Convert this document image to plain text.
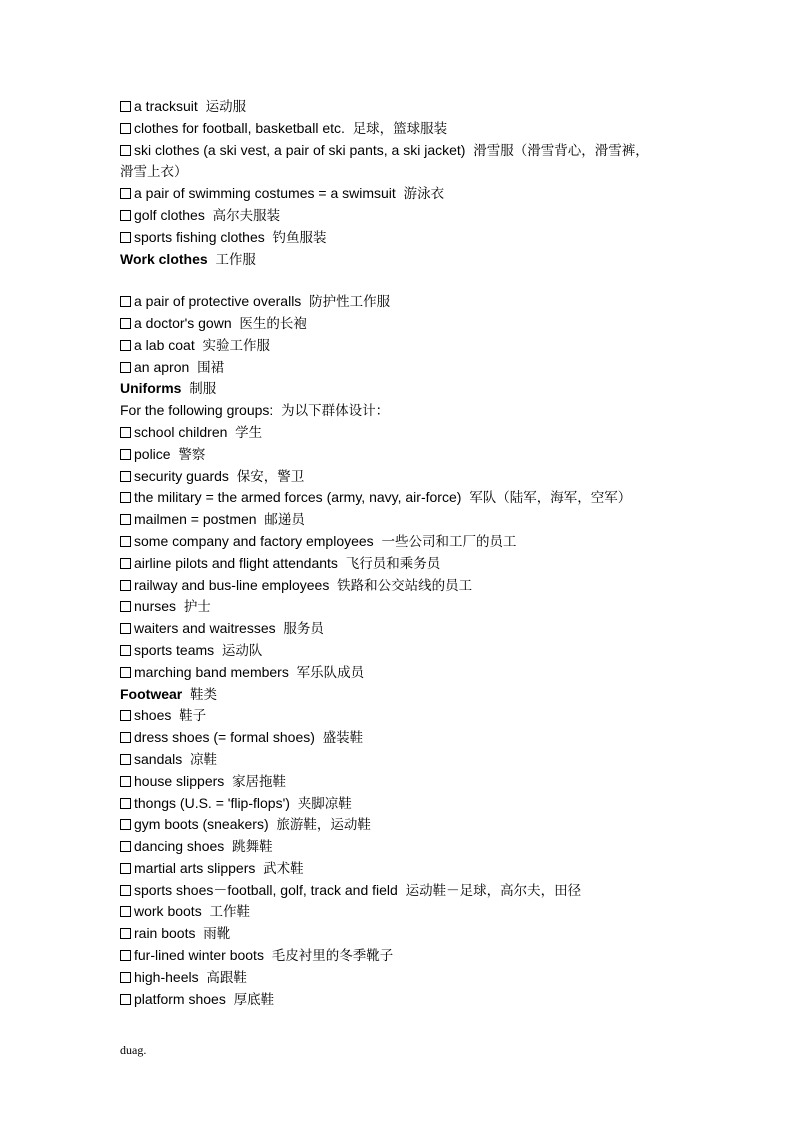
a tracksuit 运动服
clothes for football, basketball etc. 足球，篮球服装
ski clothes (a ski vest, a pair of ski pants, a ski jacket) 滑雪服（滑雪背心，滑雪裤，滑雪上衣）
a pair of swimming costumes = a swimsuit 游泳衣
golf clothes 高尔夫服装
sports fishing clothes 钓鱼服装
Work clothes 工作服
a pair of protective overalls 防护性工作服
a doctor's gown 医生的长袍
a lab coat 实验工作服
an apron 围裙
Uniforms 制服
For the following groups: 为以下群体设计：
school children 学生
police 警察
security guards 保安，警卫
the military = the armed forces (army, navy, air-force) 军队（陆军，海军，空军）
mailmen = postmen 邮递员
some company and factory employees 一些公司和工厂的员工
airline pilots and flight attendants 飞行员和乘务员
railway and bus-line employees 铁路和公交站线的员工
nurses 护士
waiters and waitresses 服务员
sports teams 运动队
marching band members 军乐队成员
Footwear 鞋类
shoes 鞋子
dress shoes (= formal shoes) 盛装鞋
sandals 凉鞋
house slippers 家居拖鞋
thongs (U.S. = 'flip-flops') 夹脚凉鞋
gym boots (sneakers) 旅游鞋，运动鞋
dancing shoes 跳舞鞋
martial arts slippers 武术鞋
sports shoes－football, golf, track and field 运动鞋－足球，高尔夫，田径
work boots 工作鞋
rain boots 雨靴
fur-lined winter boots 毛皮衬里的冬季靴子
high-heels 高跟鞋
platform shoes 厚底鞋
duag.
